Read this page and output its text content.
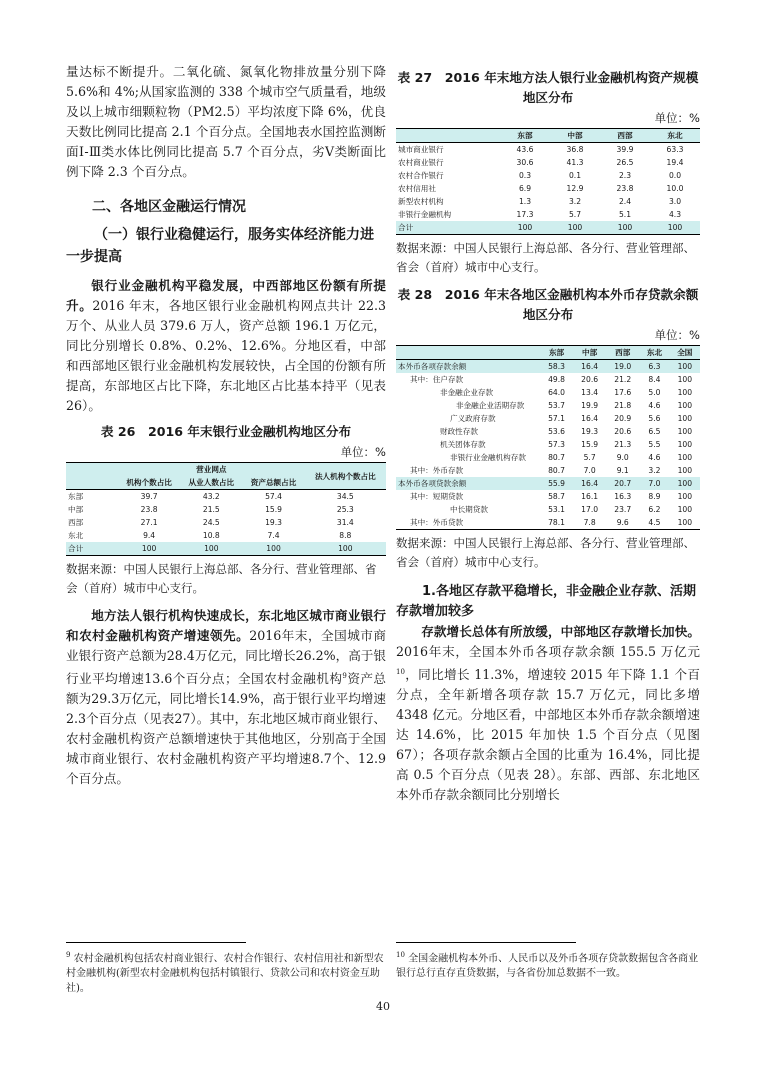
量达标不断提升。二氧化硫、氮氧化物排放量分别下降 5.6%和 4%;从国家监测的 338 个城市空气质量看，地级及以上城市细颗粒物（PM2.5）平均浓度下降 6%，优良天数比例同比提高 2.1 个百分点。全国地表水国控监测断面Ⅰ-Ⅲ类水体比例同比提高 5.7 个百分点，劣Ⅴ类断面比例下降 2.3 个百分点。

二、各地区金融运行情况
（一）银行业稳健运行，服务实体经济能力进一步提高

银行业金融机构平稳发展，中西部地区份额有所提升。2016 年末，各地区银行业金融机构网点共计 22.3 万个、从业人员 379.6 万人，资产总额 196.1 万亿元，同比分别增长 0.8%、0.2%、12.6%。分地区看，中部和西部地区银行业金融机构发展较快，占全国的份额有所提高，东部地区占比下降，东北地区占比基本持平（见表 26）。

表 26　2016 年末银行业金融机构地区分布
单位：%
	营业网点			法人机构个数占比
	机构个数占比	从业人数占比	资产总额占比	
东部	39.7	43.2	57.4	34.5
中部	23.8	21.5	15.9	25.3
西部	27.1	24.5	19.3	31.4
东北	9.4	10.8	7.4	8.8
合计	100	100	100	100

数据来源：中国人民银行上海总部、各分行、营业管理部、省会（首府）城市中心支行。

地方法人银行机构快速成长，东北地区城市商业银行和农村金融机构资产增速领先。2016年末，全国城市商业银行资产总额为28.4万亿元，同比增长26.2%，高于银行业平均增速13.6个百分点；全国农村金融机构$^9$资产总额为29.3万亿元，同比增长14.9%，高于银行业平均增速2.3个百分点（见表27）。其中，东北地区城市商业银行、农村金融机构资产总额增速快于其他地区，分别高于全国城市商业银行、农村金融机构资产平均增速8.7个、12.9个百分点。

表 27　2016 年末地方法人银行业金融机构资产规模地区分布
单位：%
	东部	中部	西部	东北
城市商业银行	43.6	36.8	39.9	63.3
农村商业银行	30.6	41.3	26.5	19.4
农村合作银行	0.3	0.1	2.3	0.0
农村信用社	6.9	12.9	23.8	10.0
新型农村机构	1.3	3.2	2.4	3.0
非银行金融机构	17.3	5.7	5.1	4.3
合计	100	100	100	100

数据来源：中国人民银行上海总部、各分行、营业管理部、省会（首府）城市中心支行。

表 28　2016 年末各地区金融机构本外币存贷款余额地区分布
单位：%
	东部	中部	西部	东北	全国
本外币各项存款余额	58.3	16.4	19.0	6.3	100
其中：住户存款	49.8	20.6	21.2	8.4	100
非金融企业存款	64.0	13.4	17.6	5.0	100
非金融企业活期存款	53.7	19.9	21.8	4.6	100
广义政府存款	57.1	16.4	20.9	5.6	100
财政性存款	53.6	19.3	20.6	6.5	100
机关团体存款	57.3	15.9	21.3	5.5	100
非银行业金融机构存款	80.7	5.7	9.0	4.6	100
其中：外币存款	80.7	7.0	9.1	3.2	100
本外币各项贷款余额	55.9	16.4	20.7	7.0	100
其中：短期贷款	58.7	16.1	16.3	8.9	100
中长期贷款	53.1	17.0	23.7	6.2	100
其中：外币贷款	78.1	7.8	9.6	4.5	100

数据来源：中国人民银行上海总部、各分行、营业管理部、省会（首府）城市中心支行。

1.各地区存款平稳增长，非金融企业存款、活期存款增加较多

存款增长总体有所放缓，中部地区存款增长加快。2016年末，全国本外币各项存款余额 155.5 万亿元$^{10}$，同比增长 11.3%，增速较 2015 年下降 1.1 个百分点，全年新增各项存款 15.7 万亿元，同比多增 4348 亿元。分地区看，中部地区本外币存款余额增速达 14.6%，比 2015 年加快 1.5 个百分点（见图 67）；各项存款余额占全国的比重为 16.4%，同比提高 0.5 个百分点（见表 28）。东部、西部、东北地区本外币存款余额同比分别增长

$^9$ 农村金融机构包括农村商业银行、农村合作银行、农村信用社和新型农村金融机构(新型农村金融机构包括村镇银行、贷款公司和农村资金互助社)。

$^{10}$ 全国金融机构本外币、人民币以及外币各项存贷款数据包含各商业银行总行直存直贷数据，与各省份加总数据不一致。

40
